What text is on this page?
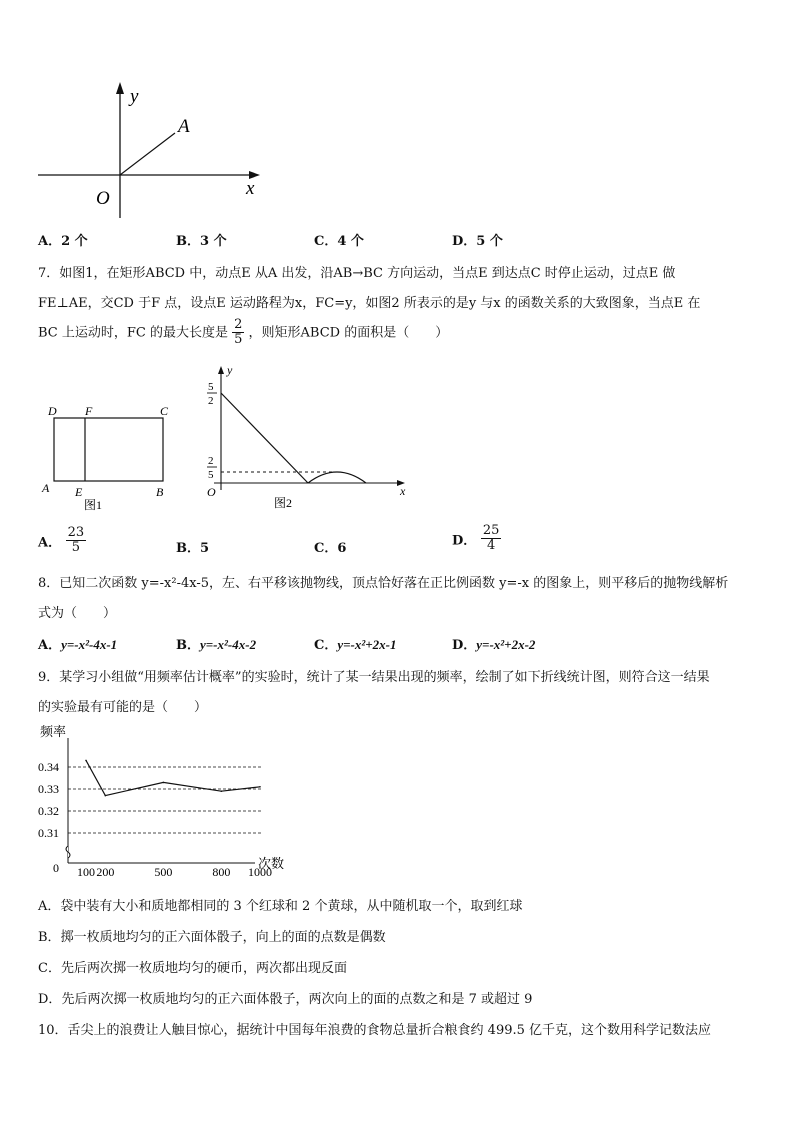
y
x
O
A
A．2 个	B．3 个	C．4 个	D．5 个
7．如图1，在矩形ABCD 中，动点E 从A 出发，沿AB→BC 方向运动，当点E 到达点C 时停止运动，过点E 做
FE⊥AE，交CD 于F 点，设点E 运动路程为x，FC=y，如图2 所表示的是y 与x 的函数关系的大致图象，当点E 在
BC 上运动时，FC 的最大长度是 $\frac{2}{5}$ ，则矩形ABCD 的面积是（　　）
D F	C
A E	B
图1
y
5
2
2
5
O	x
图2
A． $\frac{23}{5}$	B．5	C．6
D． $\frac{25}{4}$
8．已知二次函数 y=-x²-4x-5，左、右平移该抛物线，顶点恰好落在正比例函数 y=-x 的图象上，则平移后的抛物线解析
式为（　　）
A．y=-x²-4x-1	B．y=-x²-4x-2	C．y=-x²+2x-1	D．y=-x²+2x-2
9．某学习小组做“用频率估计概率”的实验时，统计了某一结果出现的频率，绘制了如下折线统计图，则符合这一结果
的实验最有可能的是（　　）
频率
次数
0
0.34
0.33
0.32
0.31
100 200	500	800 1000
A．袋中装有大小和质地都相同的 3 个红球和 2 个黄球，从中随机取一个，取到红球
B．掷一枚质地均匀的正六面体骰子，向上的面的点数是偶数
C．先后两次掷一枚质地均匀的硬币，两次都出现反面
D．先后两次掷一枚质地均匀的正六面体骰子，两次向上的面的点数之和是 7 或超过 9
10．舌尖上的浪费让人触目惊心，据统计中国每年浪费的食物总量折合粮食约 499.5 亿千克，这个数用科学记数法应
